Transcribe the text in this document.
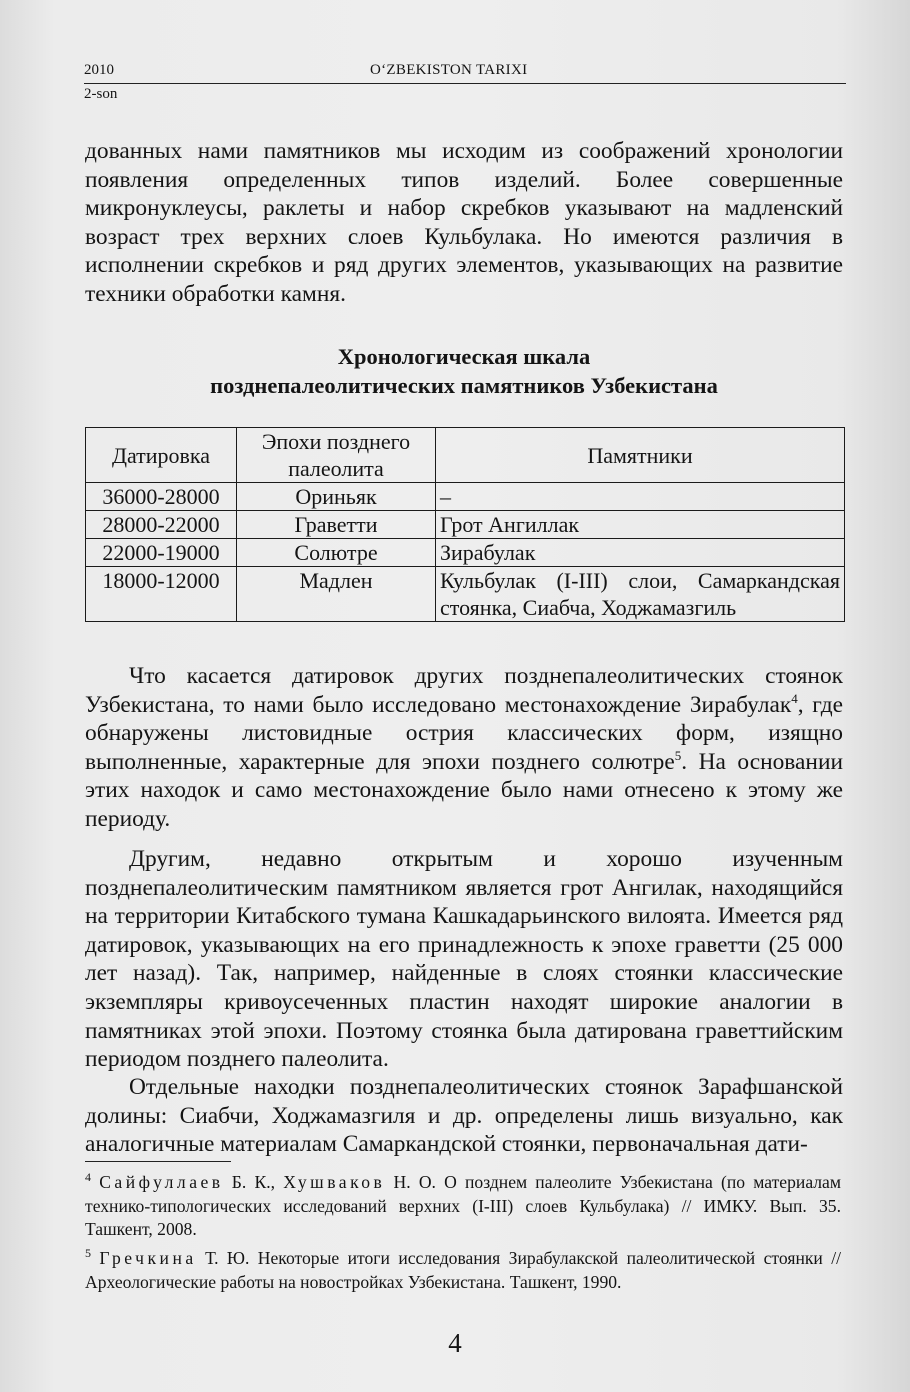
2010	O‘ZBEKISTON TARIXI
2-son

дованных нами памятников мы исходим из соображений хронологии появления определенных типов изделий. Более совершенные микронуклеусы, раклеты и набор скребков указывают на мадленский возраст трех верхних слоев Кульбулака. Но имеются различия в исполнении скребков и ряд других элементов, указывающих на развитие техники обработки камня.

Хронологическая шкала
позднепалеолитических памятников Узбекистана
Датировка	Эпохи позднего палеолита	Памятники
36000-28000	Ориньяк	–
28000-22000	Граветти	Грот Ангиллак
22000-19000	Солютре	Зирабулак
18000-12000	Мадлен	Кульбулак (I-III) слои, Самаркандская стоянка, Сиабча, Ходжамазгиль

Что касается датировок других позднепалеолитических стоянок Узбекистана, то нами было исследовано местонахождение Зирабулак$^4$, где обнаружены листовидные острия классических форм, изящно выполненные, характерные для эпохи позднего солютре$^5$. На основании этих находок и само местонахождение было нами отнесено к этому же периоду.

Другим, недавно открытым и хорошо изученным позднепалеолитическим памятником является грот Ангилак, находящийся на территории Китабского тумана Кашкадарьинского вилоята. Имеется ряд датировок, указывающих на его принадлежность к эпохе граветти (25 000 лет назад). Так, например, найденные в слоях стоянки классические экземпляры кривоусеченных пластин находят широкие аналогии в памятниках этой эпохи. Поэтому стоянка была датирована граветтийским периодом позднего палеолита.

Отдельные находки позднепалеолитических стоянок Зарафшанской долины: Сиабчи, Ходжамазгиля и др. определены лишь визуально, как аналогичные материалам Самаркандской стоянки, первоначальная дати-

$^4$ Сайфуллаев Б. К., Хушваков Н. О. О позднем палеолите Узбекистана (по материалам технико-типологических исследований верхних (I-III) слоев Кульбулака) // ИМКУ. Вып. 35. Ташкент, 2008.
$^5$ Гречкина Т. Ю. Некоторые итоги исследования Зирабулакской палеолитической стоянки // Археологические работы на новостройках Узбекистана. Ташкент, 1990.
4
